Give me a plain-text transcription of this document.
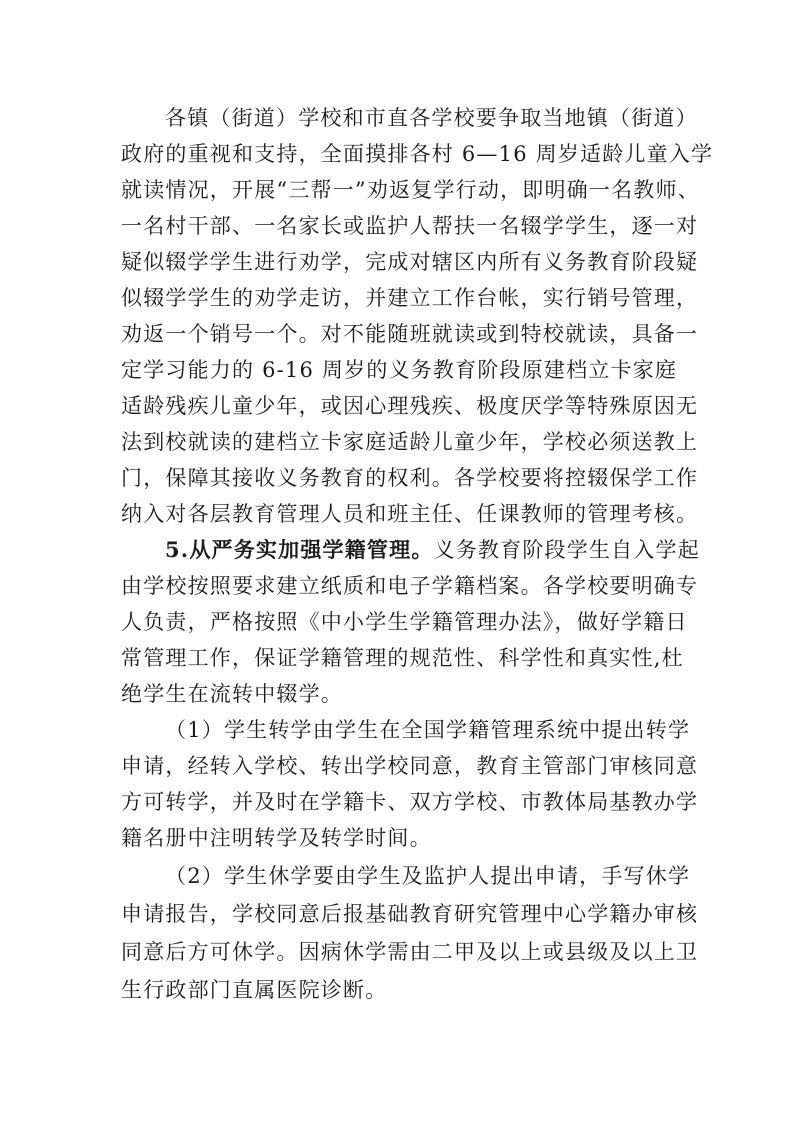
各镇（街道）学校和市直各学校要争取当地镇（街道）
政府的重视和支持，全面摸排各村 6—16 周岁适龄儿童入学
就读情况，开展“三帮一”劝返复学行动，即明确一名教师、
一名村干部、一名家长或监护人帮扶一名辍学学生，逐一对
疑似辍学学生进行劝学，完成对辖区内所有义务教育阶段疑
似辍学学生的劝学走访，并建立工作台帐，实行销号管理，
劝返一个销号一个。对不能随班就读或到特校就读，具备一
定学习能力的 6-16 周岁的义务教育阶段原建档立卡家庭
适龄残疾儿童少年，或因心理残疾、极度厌学等特殊原因无
法到校就读的建档立卡家庭适龄儿童少年，学校必须送教上
门，保障其接收义务教育的权利。各学校要将控辍保学工作
纳入对各层教育管理人员和班主任、任课教师的管理考核。
5.从严务实加强学籍管理。义务教育阶段学生自入学起
由学校按照要求建立纸质和电子学籍档案。各学校要明确专
人负责，严格按照《中小学生学籍管理办法》，做好学籍日
常管理工作，保证学籍管理的规范性、科学性和真实性,杜
绝学生在流转中辍学。
（1）学生转学由学生在全国学籍管理系统中提出转学
申请，经转入学校、转出学校同意，教育主管部门审核同意
方可转学，并及时在学籍卡、双方学校、市教体局基教办学
籍名册中注明转学及转学时间。
（2）学生休学要由学生及监护人提出申请，手写休学
申请报告，学校同意后报基础教育研究管理中心学籍办审核
同意后方可休学。因病休学需由二甲及以上或县级及以上卫
生行政部门直属医院诊断。
